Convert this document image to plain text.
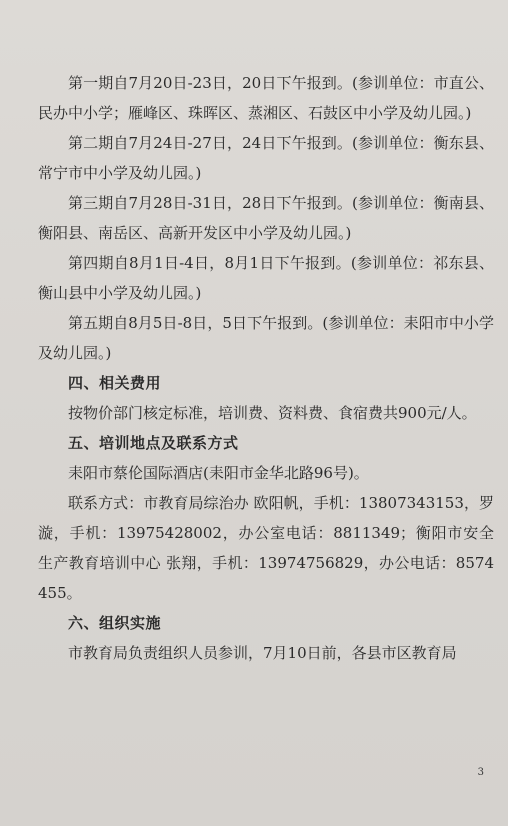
第一期自7月20日-23日，20日下午报到。(参训单位：市直公、民办中小学；雁峰区、珠晖区、蒸湘区、石鼓区中小学及幼儿园。)

第二期自7月24日-27日，24日下午报到。(参训单位：衡东县、常宁市中小学及幼儿园。)

第三期自7月28日-31日，28日下午报到。(参训单位：衡南县、衡阳县、南岳区、高新开发区中小学及幼儿园。)

第四期自8月1日-4日，8月1日下午报到。(参训单位：祁东县、衡山县中小学及幼儿园。)

第五期自8月5日-8日，5日下午报到。(参训单位：耒阳市中小学及幼儿园。)

四、相关费用

按物价部门核定标准，培训费、资料费、食宿费共900元/人。

五、培训地点及联系方式

耒阳市蔡伦国际酒店(耒阳市金华北路96号)。

联系方式：市教育局综治办 欧阳帆，手机：13807343153，罗漩，手机：13975428002，办公室电话：8811349；衡阳市安全生产教育培训中心 张翔，手机：13974756829，办公电话：8574455。

六、组织实施

市教育局负责组织人员参训，7月10日前，各县市区教育局

3
